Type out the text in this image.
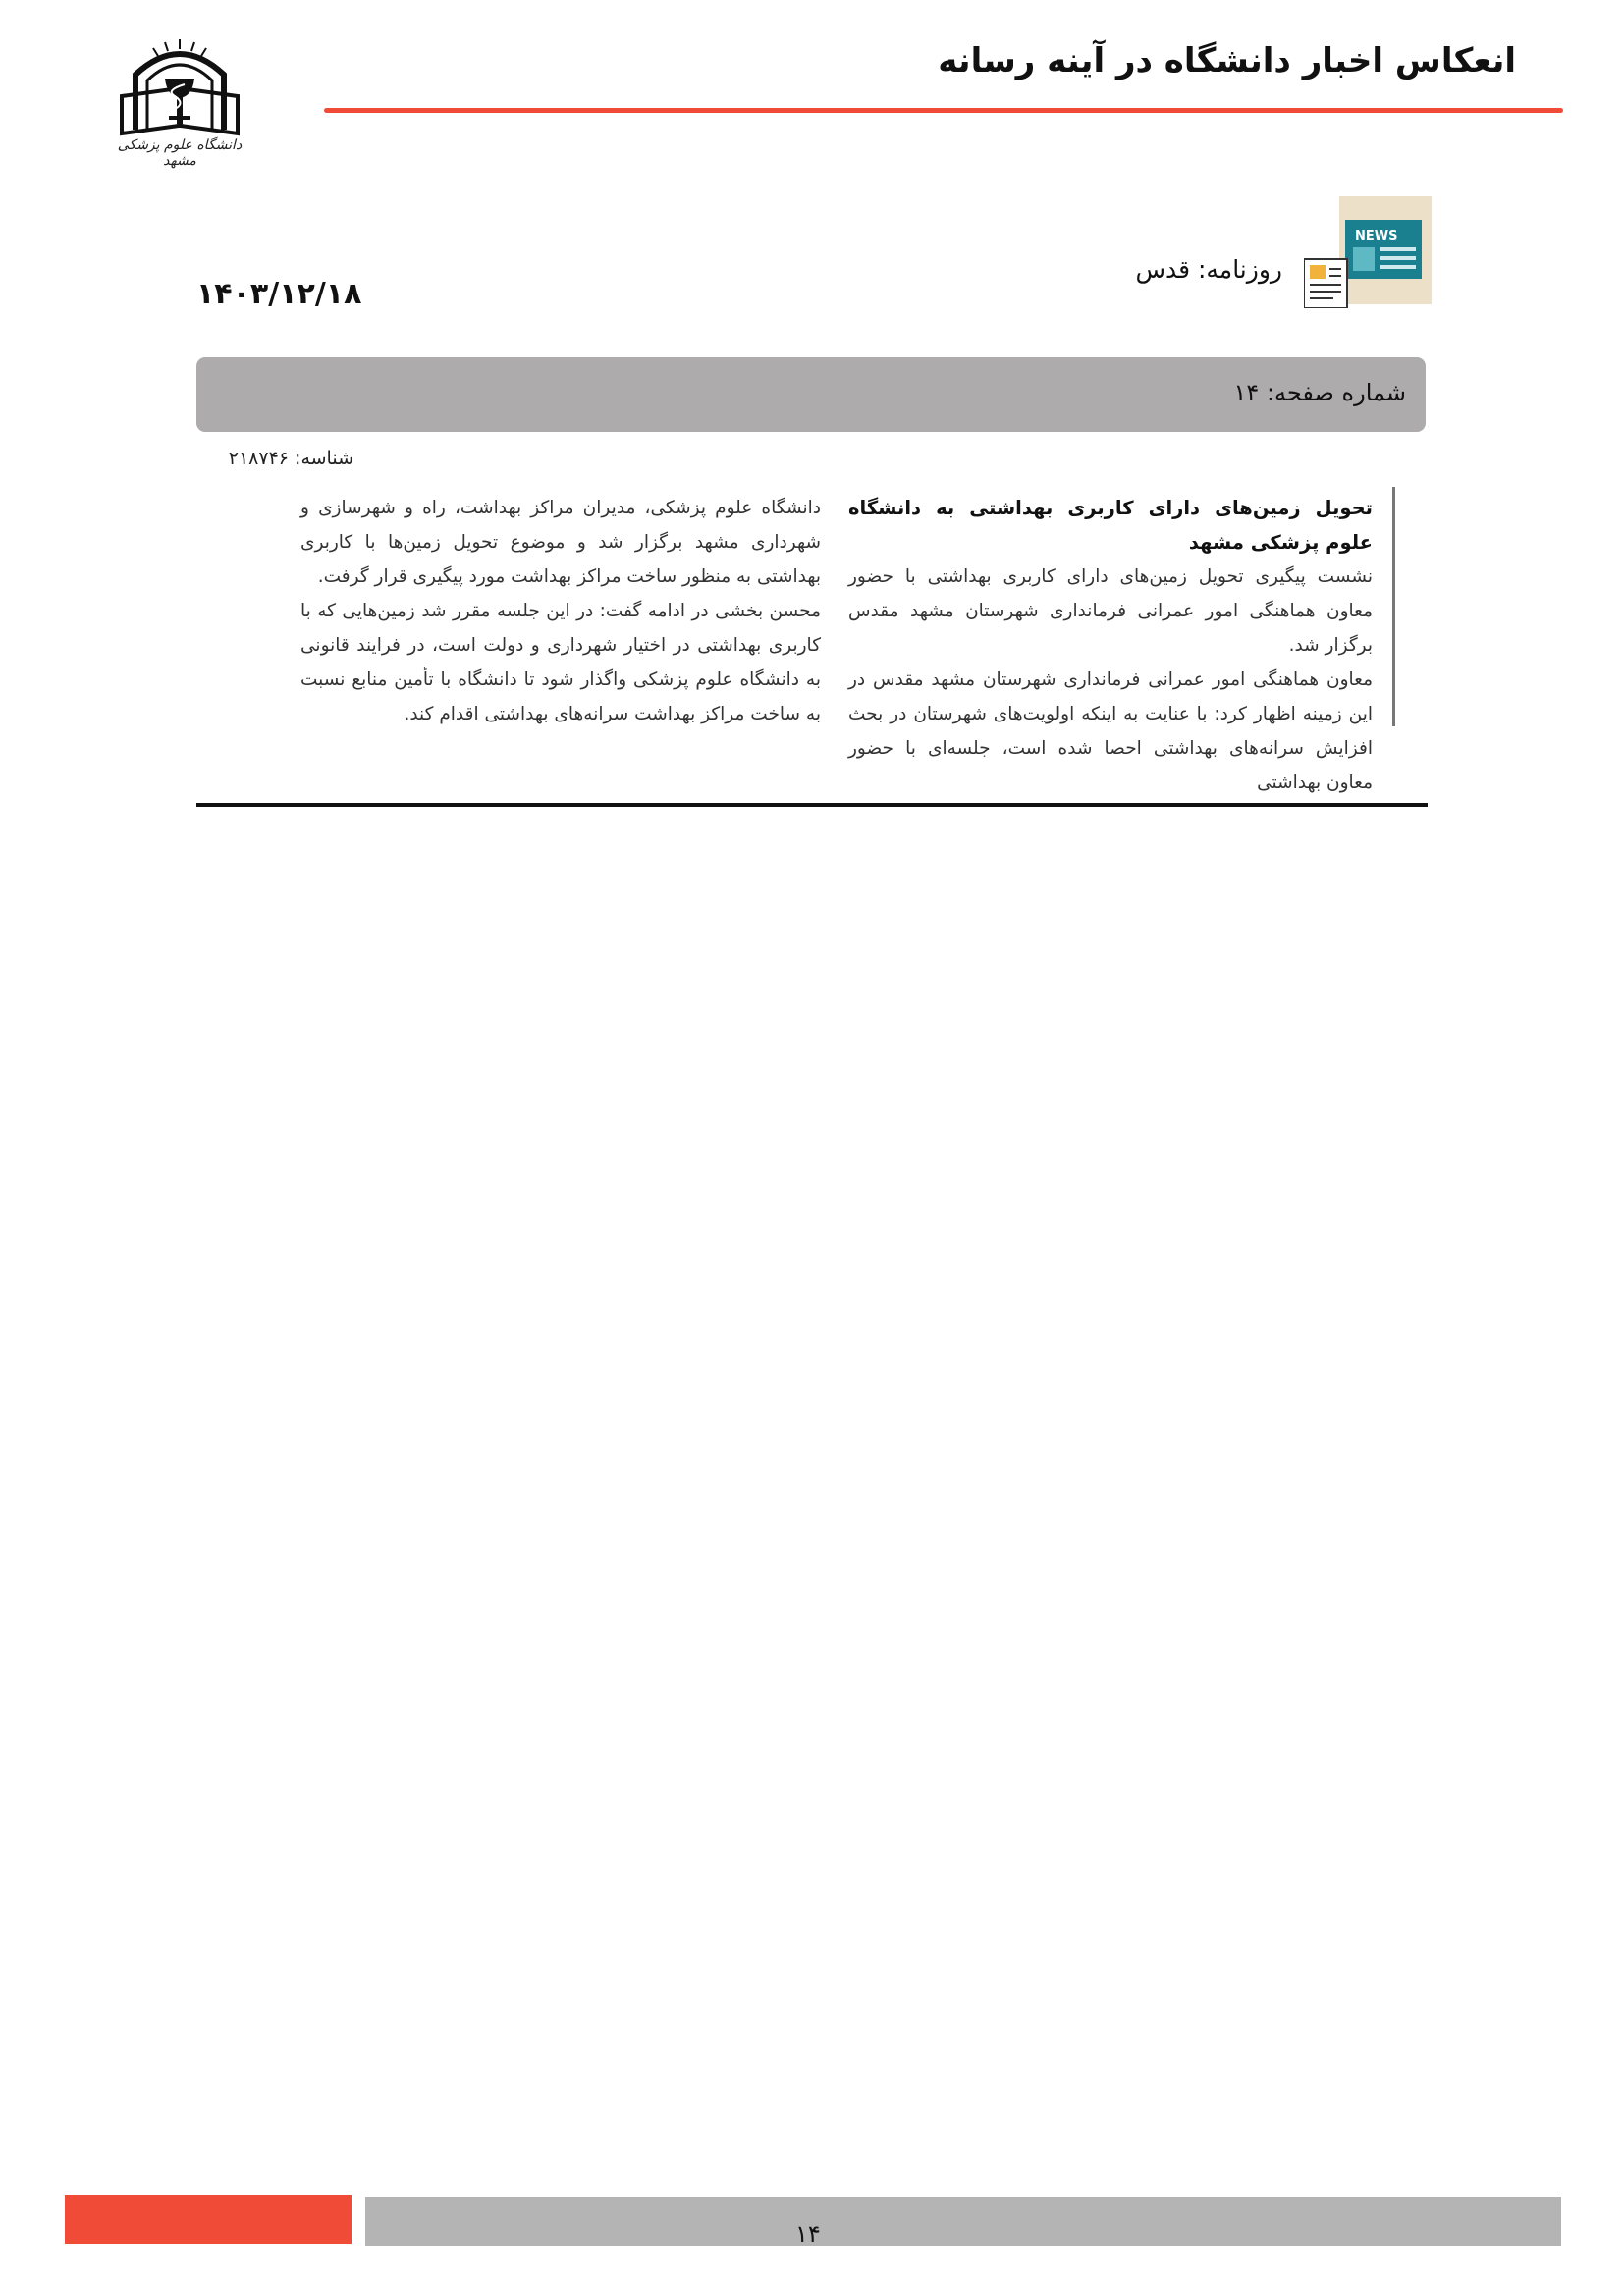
دانشگاه علوم پزشکی مشهد
انعکاس اخبار دانشگاه در آینه رسانه
NEWS
روزنامه: قدس
۱۴۰۳/۱۲/۱۸
شماره صفحه: ۱۴
شناسه: ۲۱۸۷۴۶
تحویل زمین‌های دارای کاربری بهداشتی به دانشگاه علوم پزشکی مشهد

نشست پیگیری تحویل زمین‌های دارای کاربری بهداشتی با حضور معاون هماهنگی امور عمرانی فرمانداری شهرستان مشهد مقدس برگزار شد.

معاون هماهنگی امور عمرانی فرمانداری شهرستان مشهد مقدس در این زمینه اظهار کرد: با عنایت به اینکه اولویت‌های شهرستان در بحث افزایش سرانه‌های بهداشتی احصا شده است، جلسه‌ای با حضور معاون بهداشتی

دانشگاه علوم پزشکی، مدیران مراکز بهداشت، راه و شهرسازی و شهرداری مشهد برگزار شد و موضوع تحویل زمین‌ها با کاربری بهداشتی به منظور ساخت مراکز بهداشت مورد پیگیری قرار گرفت.

محسن بخشی در ادامه گفت: در این جلسه مقرر شد زمین‌هایی که با کاربری بهداشتی در اختیار شهرداری و دولت است، در فرایند قانونی به دانشگاه علوم پزشکی واگذار شود تا دانشگاه با تأمین منابع نسبت به ساخت مراکز بهداشت سرانه‌های بهداشتی اقدام کند.

۱۴
